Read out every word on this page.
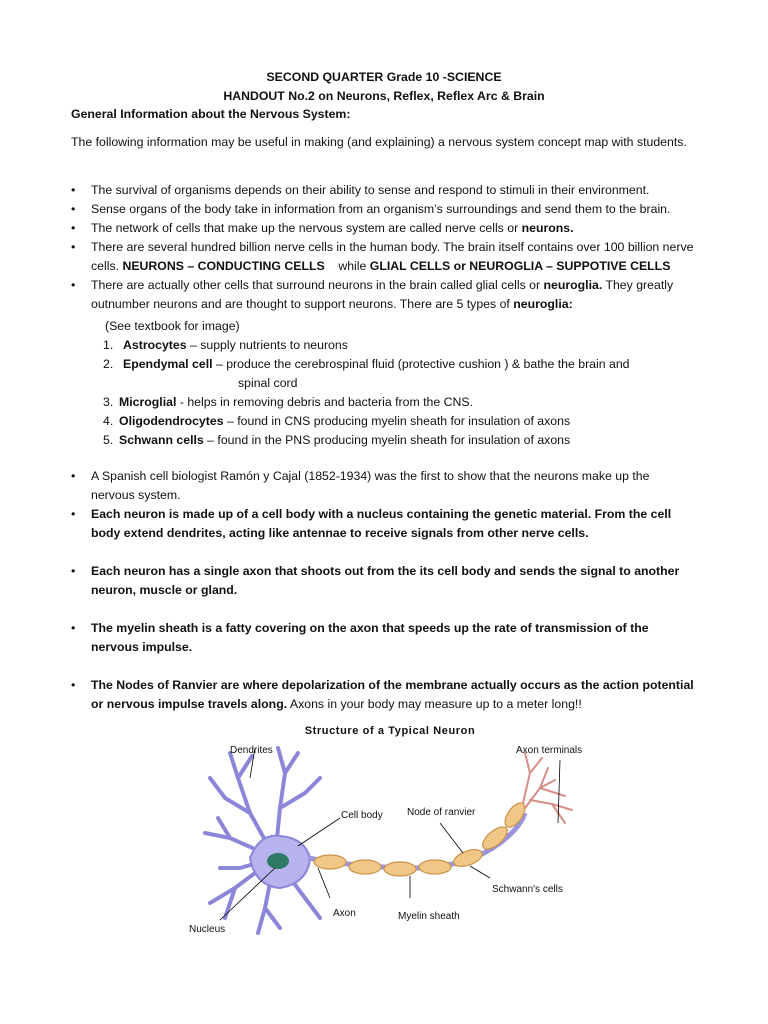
SECOND QUARTER Grade 10 -SCIENCE
HANDOUT No.2 on Neurons, Reflex, Reflex Arc & Brain
General Information about the Nervous System:
The following information may be useful in making (and explaining) a nervous system concept map with students.
• The survival of organisms depends on their ability to sense and respond to stimuli in their environment.
• Sense organs of the body take in information from an organism’s surroundings and send them to the brain.
• The network of cells that make up the nervous system are called nerve cells or neurons.
• There are several hundred billion nerve cells in the human body. The brain itself contains over 100 billion nerve cells. NEURONS – CONDUCTING CELLS    while GLIAL CELLS or NEUROGLIA – SUPPOTIVE CELLS
• There are actually other cells that surround neurons in the brain called glial cells or neuroglia. They greatly outnumber neurons and are thought to support neurons. There are 5 types of neuroglia:
(See textbook for image)
1. Astrocytes – supply nutrients to neurons
2. Ependymal cell – produce the cerebrospinal fluid (protective cushion ) & bathe the brain and
spinal cord
3. Microglial - helps in removing debris and bacteria from the CNS.
4. Oligodendrocytes – found in CNS producing myelin sheath for insulation of axons
5. Schwann cells – found in the PNS producing myelin sheath for insulation of axons
• A Spanish cell biologist Ramón y Cajal (1852-1934) was the first to show that the neurons make up the nervous system.
• Each neuron is made up of a cell body with a nucleus containing the genetic material. From the cell body extend dendrites, acting like antennae to receive signals from other nerve cells.
• Each neuron has a single axon that shoots out from the its cell body and sends the signal to another neuron, muscle or gland.
• The myelin sheath is a fatty covering on the axon that speeds up the rate of transmission of the nervous impulse.
• The Nodes of Ranvier are where depolarization of the membrane actually occurs as the action potential or nervous impulse travels along. Axons in your body may measure up to a meter long!!
Structure of a Typical Neuron
Dendrites	Axon terminals
Cell body Node of ranvier
Schwann's cells
Axon	Myelin sheath
Nucleus
